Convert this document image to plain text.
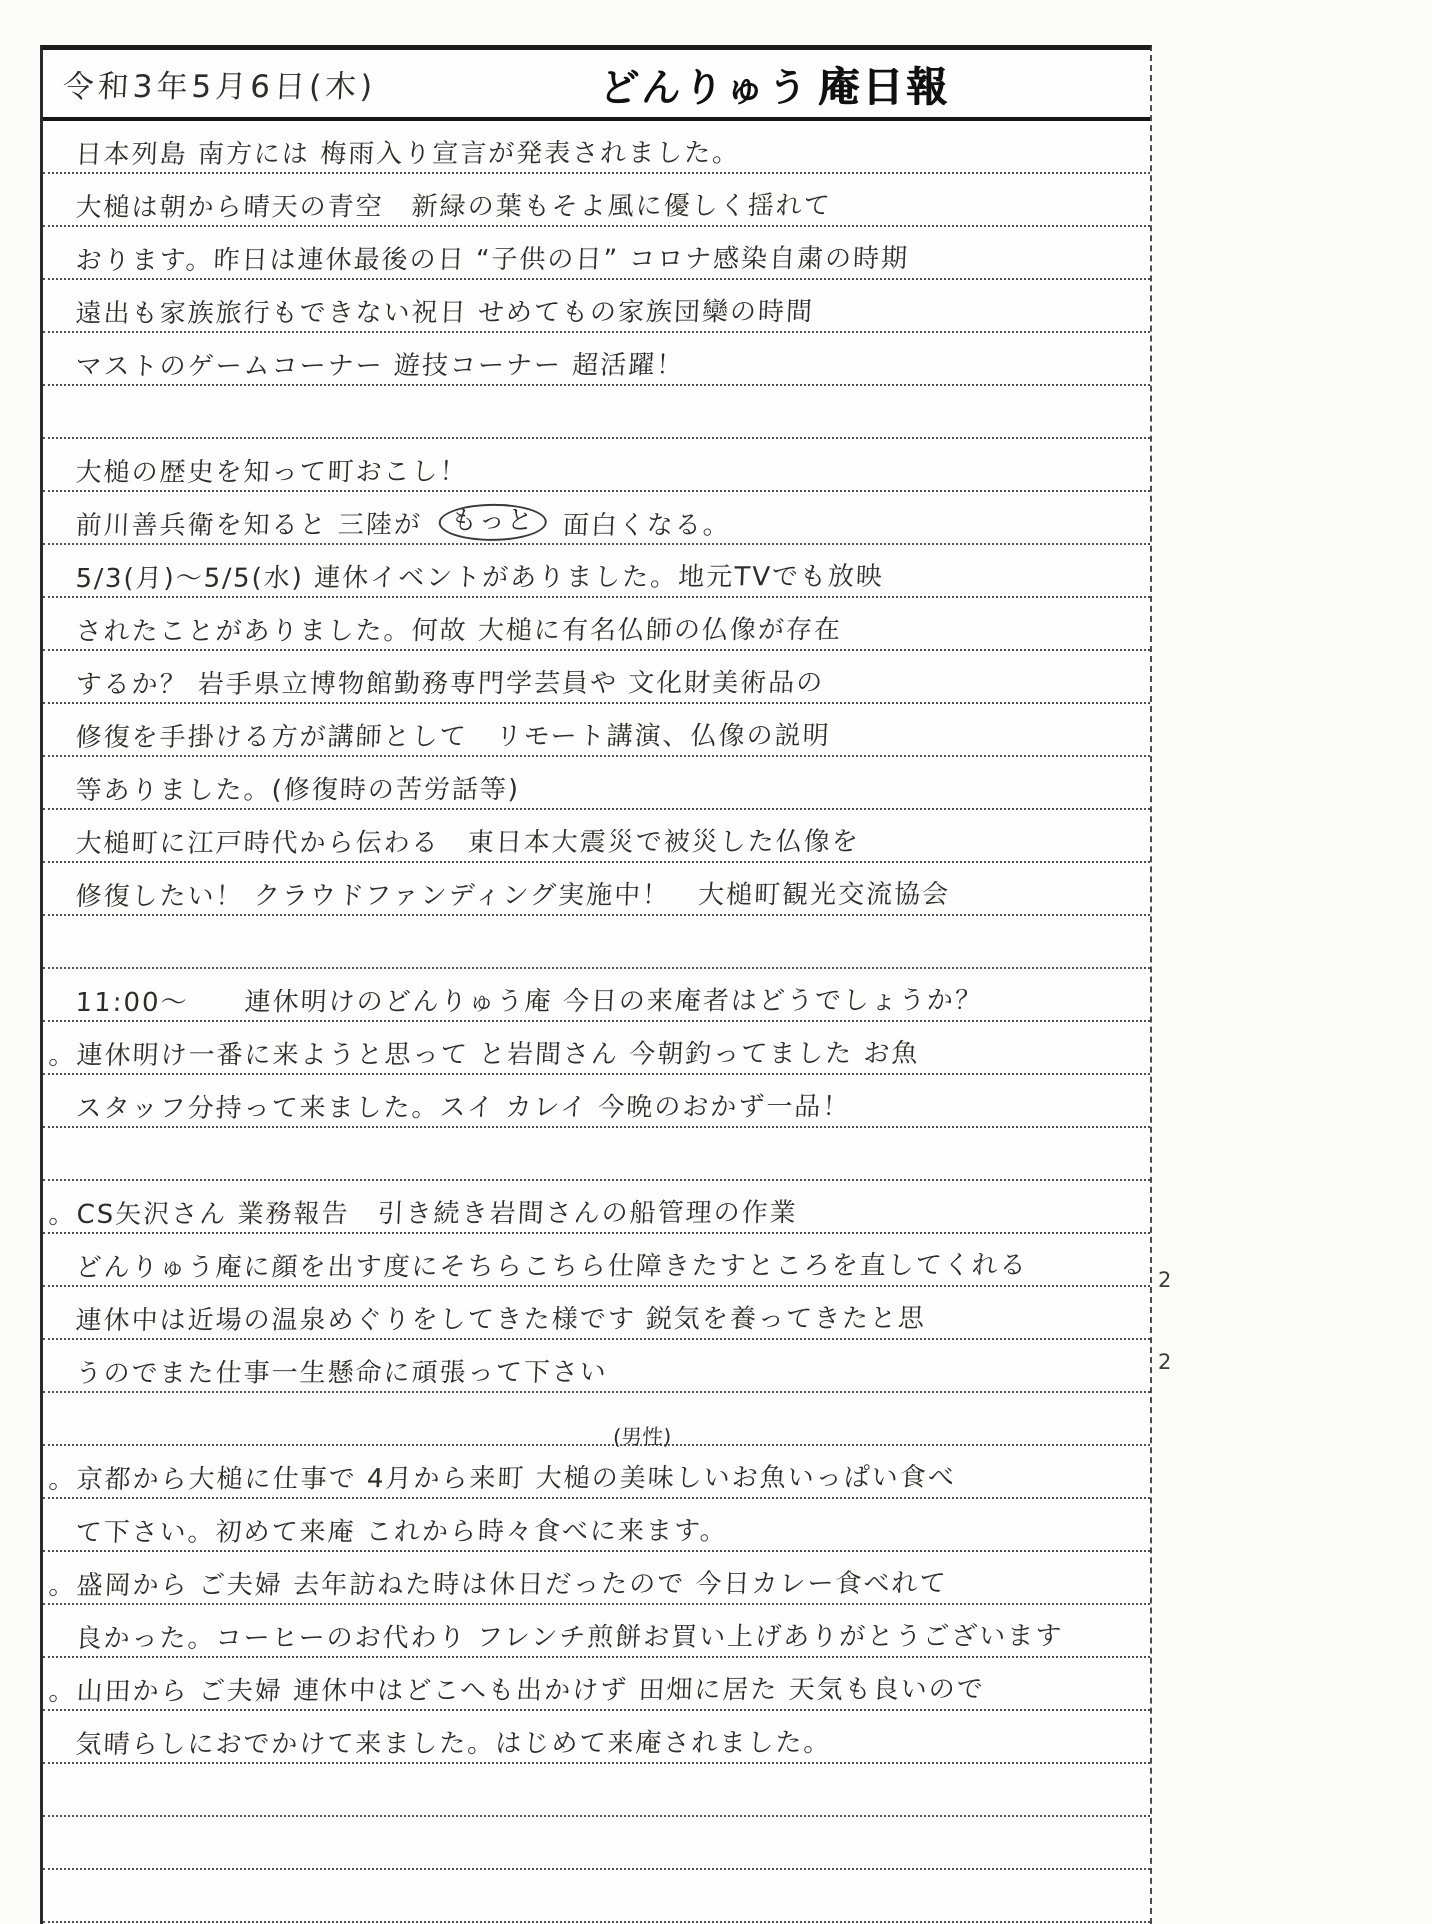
令和3年5月6日(木)	どんりゅう 庵日報
日本列島 南方には 梅雨入り宣言が発表されました。
大槌は朝から晴天の青空　新緑の葉もそよ風に優しく揺れて
おります。昨日は連休最後の日 “子供の日” コロナ感染自粛の時期
遠出も家族旅行もできない祝日 せめてもの家族団欒の時間
マストのゲームコーナー 遊技コーナー 超活躍！
大槌の歴史を知って町おこし！
前川善兵衛を知ると 三陸が もっと 面白くなる。
5/3(月)〜5/5(水) 連休イベントがありました。地元TVでも放映
されたことがありました。何故 大槌に有名仏師の仏像が存在
するか？ 岩手県立博物館勤務専門学芸員や 文化財美術品の
修復を手掛ける方が講師として　リモート講演、仏像の説明
等ありました。(修復時の苦労話等)
大槌町に江戸時代から伝わる　東日本大震災で被災した仏像を
修復したい！ クラウドファンディング実施中！　大槌町観光交流協会
11:00〜　　連休明けのどんりゅう庵 今日の来庵者はどうでしょうか？
。連休明け一番に来ようと思って と岩間さん 今朝釣ってました お魚
スタッフ分持って来ました。スイ カレイ 今晩のおかず一品！
。CS矢沢さん 業務報告　引き続き岩間さんの船管理の作業
どんりゅう庵に顔を出す度にそちらこちら仕障きたすところを直してくれる
連休中は近場の温泉めぐりをしてきた様です 鋭気を養ってきたと思
うのでまた仕事一生懸命に頑張って下さい
(男性)
。京都から大槌に仕事で 4月から来町 大槌の美味しいお魚いっぱい食べ
て下さい。初めて来庵 これから時々食べに来ます。
。盛岡から ご夫婦 去年訪ねた時は休日だったので 今日カレー食べれて
良かった。コーヒーのお代わり フレンチ煎餅お買い上げありがとうございます
。山田から ご夫婦 連休中はどこへも出かけず 田畑に居た 天気も良いので
気晴らしにおでかけて来ました。はじめて来庵されました。
2
2
